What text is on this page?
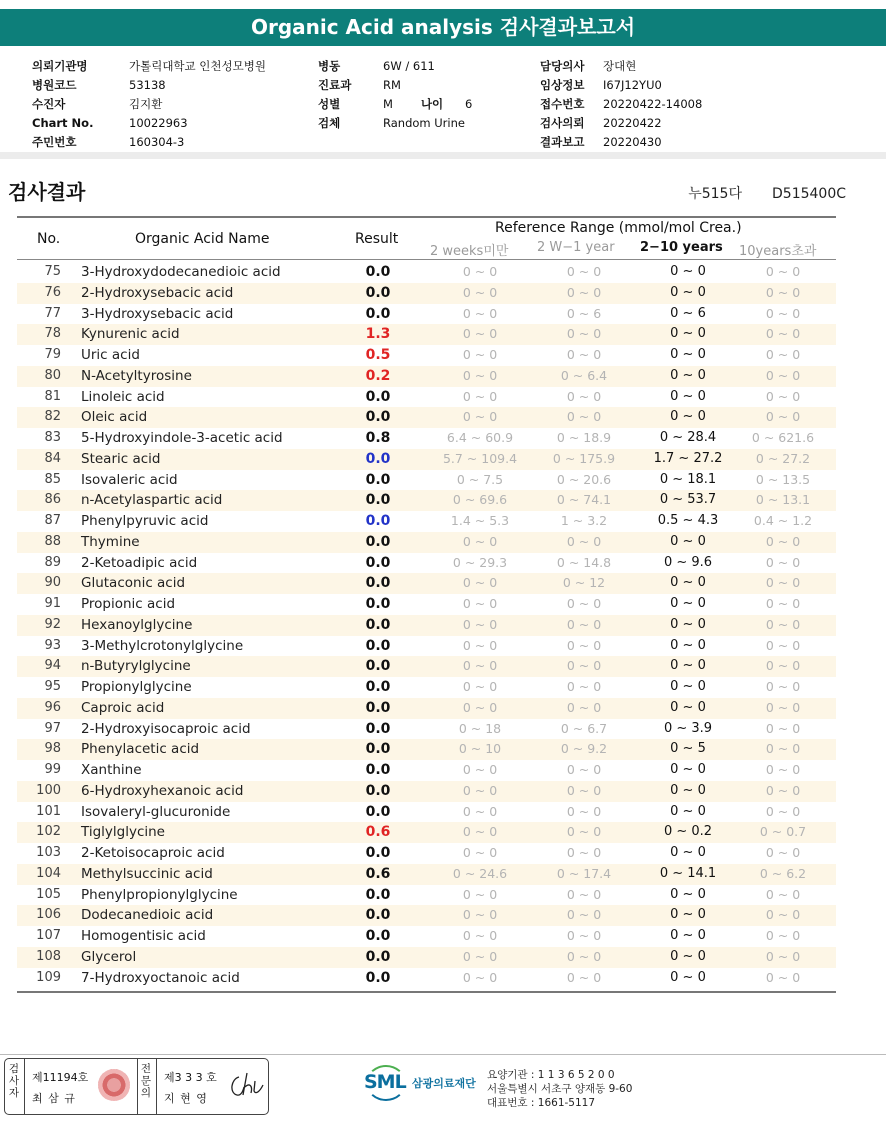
Organic Acid analysis 검사결과보고서
의뢰기관명	가톨릭대학교 인천성모병원
병원코드	53138
수진자	김지환
Chart No.	10022963
주민번호	160304-3
병동	6W / 611
진료과	RM
성별	M 나이	6
검체	Random Urine
담당의사	장대현
임상정보	I67J12YU0
접수번호	20220422-14008
검사의뢰	20220422
결과보고	20220430
검사결과	누515다 D515400C
No.	Organic Acid Name	Result
Reference Range (mmol/mol Crea.)
2 weeks미만 2 W−1 year 2−10 years 10years초과
75 3-Hydroxydodecanedioic acid	0.0	0 ~ 0	0 ~ 0	0 ~ 0	0 ~ 0
76 2-Hydroxysebacic acid	0.0	0 ~ 0	0 ~ 0	0 ~ 0	0 ~ 0
77 3-Hydroxysebacic acid	0.0	0 ~ 0	0 ~ 6	0 ~ 6	0 ~ 0
78 Kynurenic acid	1.3	0 ~ 0	0 ~ 0	0 ~ 0	0 ~ 0
79 Uric acid	0.5	0 ~ 0	0 ~ 0	0 ~ 0	0 ~ 0
80 N-Acetyltyrosine	0.2	0 ~ 0	0 ~ 6.4	0 ~ 0	0 ~ 0
81 Linoleic acid	0.0	0 ~ 0	0 ~ 0	0 ~ 0	0 ~ 0
82 Oleic acid	0.0	0 ~ 0	0 ~ 0	0 ~ 0	0 ~ 0
83 5-Hydroxyindole-3-acetic acid	0.8	6.4 ~ 60.9	0 ~ 18.9	0 ~ 28.4	0 ~ 621.6
84 Stearic acid	0.0	5.7 ~ 109.4	0 ~ 175.9	1.7 ~ 27.2	0 ~ 27.2
85 Isovaleric acid	0.0	0 ~ 7.5	0 ~ 20.6	0 ~ 18.1	0 ~ 13.5
86 n-Acetylaspartic acid	0.0	0 ~ 69.6	0 ~ 74.1	0 ~ 53.7	0 ~ 13.1
87 Phenylpyruvic acid	0.0	1.4 ~ 5.3	1 ~ 3.2	0.5 ~ 4.3	0.4 ~ 1.2
88 Thymine	0.0	0 ~ 0	0 ~ 0	0 ~ 0	0 ~ 0
89 2-Ketoadipic acid	0.0	0 ~ 29.3	0 ~ 14.8	0 ~ 9.6	0 ~ 0
90 Glutaconic acid	0.0	0 ~ 0	0 ~ 12	0 ~ 0	0 ~ 0
91 Propionic acid	0.0	0 ~ 0	0 ~ 0	0 ~ 0	0 ~ 0
92 Hexanoylglycine	0.0	0 ~ 0	0 ~ 0	0 ~ 0	0 ~ 0
93 3-Methylcrotonylglycine	0.0	0 ~ 0	0 ~ 0	0 ~ 0	0 ~ 0
94 n-Butyrylglycine	0.0	0 ~ 0	0 ~ 0	0 ~ 0	0 ~ 0
95 Propionylglycine	0.0	0 ~ 0	0 ~ 0	0 ~ 0	0 ~ 0
96 Caproic acid	0.0	0 ~ 0	0 ~ 0	0 ~ 0	0 ~ 0
97 2-Hydroxyisocaproic acid	0.0	0 ~ 18	0 ~ 6.7	0 ~ 3.9	0 ~ 0
98 Phenylacetic acid	0.0	0 ~ 10	0 ~ 9.2	0 ~ 5	0 ~ 0
99 Xanthine	0.0	0 ~ 0	0 ~ 0	0 ~ 0	0 ~ 0
100 6-Hydroxyhexanoic acid	0.0	0 ~ 0	0 ~ 0	0 ~ 0	0 ~ 0
101 Isovaleryl-glucuronide	0.0	0 ~ 0	0 ~ 0	0 ~ 0	0 ~ 0
102 Tiglylglycine	0.6	0 ~ 0	0 ~ 0	0 ~ 0.2	0 ~ 0.7
103 2-Ketoisocaproic acid	0.0	0 ~ 0	0 ~ 0	0 ~ 0	0 ~ 0
104 Methylsuccinic acid	0.6	0 ~ 24.6	0 ~ 17.4	0 ~ 14.1	0 ~ 6.2
105 Phenylpropionylglycine	0.0	0 ~ 0	0 ~ 0	0 ~ 0	0 ~ 0
106 Dodecanedioic acid	0.0	0 ~ 0	0 ~ 0	0 ~ 0	0 ~ 0
107 Homogentisic acid	0.0	0 ~ 0	0 ~ 0	0 ~ 0	0 ~ 0
108 Glycerol	0.0	0 ~ 0	0 ~ 0	0 ~ 0	0 ~ 0
109 7-Hydroxyoctanoic acid	0.0	0 ~ 0	0 ~ 0	0 ~ 0	0 ~ 0
검사자
제11194호
최 삼 규
전문의
제3 3 3 호
지 현 영
SML 삼광의료재단
요양기관 : 1 1 3 6 5 2 0 0
서울특별시 서초구 양재동 9-60
대표번호 : 1661-5117
